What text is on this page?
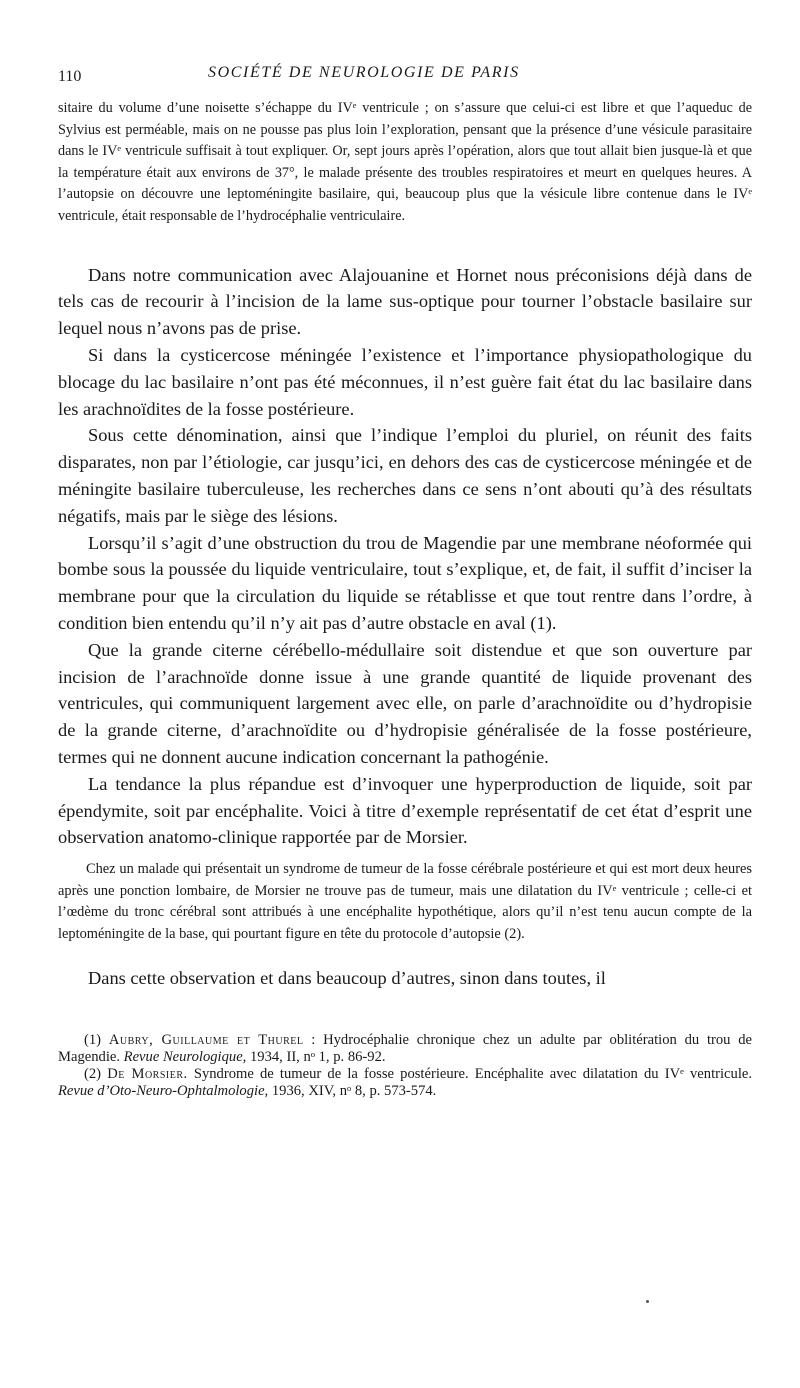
110	SOCIÉTÉ DE NEUROLOGIE DE PARIS

sitaire du volume d’une noisette s’échappe du IVᵉ ventricule ; on s’assure que celui-ci est libre et que l’aqueduc de Sylvius est perméable, mais on ne pousse pas plus loin l’exploration, pensant que la présence d’une vésicule parasitaire dans le IVᵉ ventricule suffisait à tout expliquer. Or, sept jours après l’opération, alors que tout allait bien jusque-là et que la température était aux environs de 37°, le malade présente des troubles respiratoires et meurt en quelques heures. A l’autopsie on découvre une leptoméningite basilaire, qui, beaucoup plus que la vésicule libre contenue dans le IVᵉ ventricule, était responsable de l’hydrocéphalie ventriculaire.

Dans notre communication avec Alajouanine et Hornet nous préconisions déjà dans de tels cas de recourir à l’incision de la lame sus-optique pour tourner l’obstacle basilaire sur lequel nous n’avons pas de prise.

Si dans la cysticercose méningée l’existence et l’importance physiopathologique du blocage du lac basilaire n’ont pas été méconnues, il n’est guère fait état du lac basilaire dans les arachnoïdites de la fosse postérieure.

Sous cette dénomination, ainsi que l’indique l’emploi du pluriel, on réunit des faits disparates, non par l’étiologie, car jusqu’ici, en dehors des cas de cysticercose méningée et de méningite basilaire tuberculeuse, les recherches dans ce sens n’ont abouti qu’à des résultats négatifs, mais par le siège des lésions.

Lorsqu’il s’agit d’une obstruction du trou de Magendie par une membrane néoformée qui bombe sous la poussée du liquide ventriculaire, tout s’explique, et, de fait, il suffit d’inciser la membrane pour que la circulation du liquide se rétablisse et que tout rentre dans l’ordre, à condition bien entendu qu’il n’y ait pas d’autre obstacle en aval (1).

Que la grande citerne cérébello-médullaire soit distendue et que son ouverture par incision de l’arachnoïde donne issue à une grande quantité de liquide provenant des ventricules, qui communiquent largement avec elle, on parle d’arachnoïdite ou d’hydropisie de la grande citerne, d’arachnoïdite ou d’hydropisie généralisée de la fosse postérieure, termes qui ne donnent aucune indication concernant la pathogénie.

La tendance la plus répandue est d’invoquer une hyperproduction de liquide, soit par épendymite, soit par encéphalite. Voici à titre d’exemple représentatif de cet état d’esprit une observation anatomo-clinique rapportée par de Morsier.

Chez un malade qui présentait un syndrome de tumeur de la fosse cérébrale postérieure et qui est mort deux heures après une ponction lombaire, de Morsier ne trouve pas de tumeur, mais une dilatation du IVᵉ ventricule ; celle-ci et l’œdème du tronc cérébral sont attribués à une encéphalite hypothétique, alors qu’il n’est tenu aucun compte de la leptoméningite de la base, qui pourtant figure en tête du protocole d’autopsie (2).

Dans cette observation et dans beaucoup d’autres, sinon dans toutes, il

(1) Aubry, Guillaume et Thurel : Hydrocéphalie chronique chez un adulte par oblitération du trou de Magendie. Revue Neurologique, 1934, II, nᵒ 1, p. 86-92.

(2) De Morsier. Syndrome de tumeur de la fosse postérieure. Encéphalite avec dilatation du IVᵉ ventricule. Revue d’Oto-Neuro-Ophtalmologie, 1936, XIV, nᵒ 8, p. 573-574.
